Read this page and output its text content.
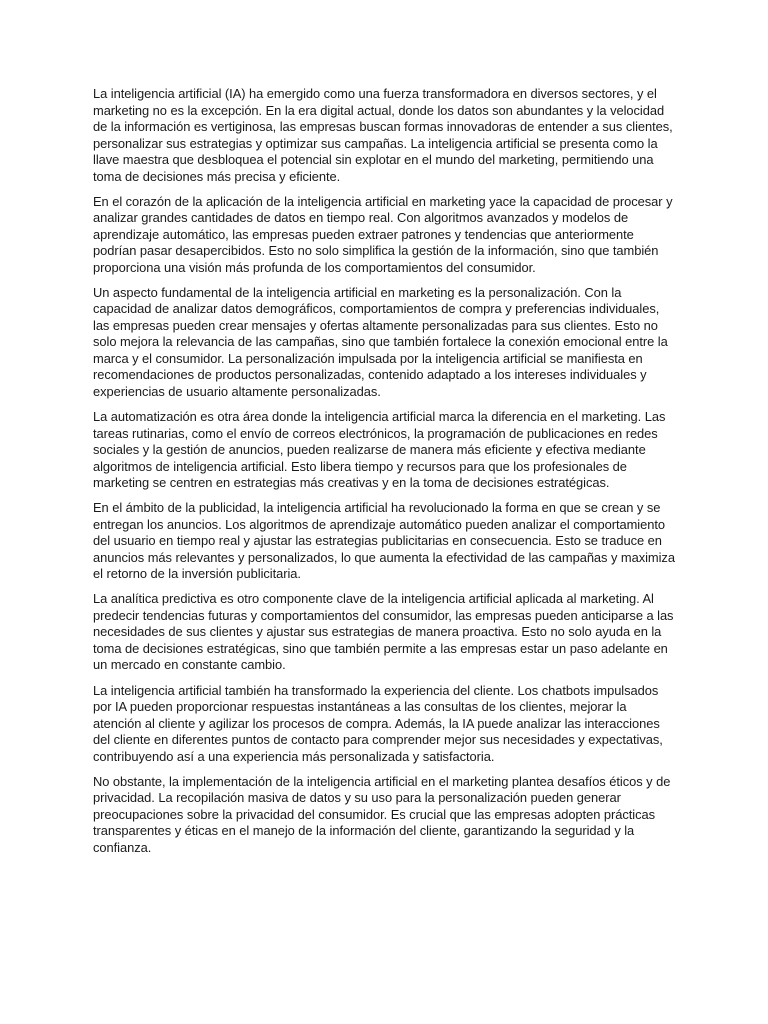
La inteligencia artificial (IA) ha emergido como una fuerza transformadora en diversos sectores, y el marketing no es la excepción. En la era digital actual, donde los datos son abundantes y la velocidad de la información es vertiginosa, las empresas buscan formas innovadoras de entender a sus clientes, personalizar sus estrategias y optimizar sus campañas. La inteligencia artificial se presenta como la llave maestra que desbloquea el potencial sin explotar en el mundo del marketing, permitiendo una toma de decisiones más precisa y eficiente.

En el corazón de la aplicación de la inteligencia artificial en marketing yace la capacidad de procesar y analizar grandes cantidades de datos en tiempo real. Con algoritmos avanzados y modelos de aprendizaje automático, las empresas pueden extraer patrones y tendencias que anteriormente podrían pasar desapercibidos. Esto no solo simplifica la gestión de la información, sino que también proporciona una visión más profunda de los comportamientos del consumidor.

Un aspecto fundamental de la inteligencia artificial en marketing es la personalización. Con la capacidad de analizar datos demográficos, comportamientos de compra y preferencias individuales, las empresas pueden crear mensajes y ofertas altamente personalizadas para sus clientes. Esto no solo mejora la relevancia de las campañas, sino que también fortalece la conexión emocional entre la marca y el consumidor. La personalización impulsada por la inteligencia artificial se manifiesta en recomendaciones de productos personalizadas, contenido adaptado a los intereses individuales y experiencias de usuario altamente personalizadas.

La automatización es otra área donde la inteligencia artificial marca la diferencia en el marketing. Las tareas rutinarias, como el envío de correos electrónicos, la programación de publicaciones en redes sociales y la gestión de anuncios, pueden realizarse de manera más eficiente y efectiva mediante algoritmos de inteligencia artificial. Esto libera tiempo y recursos para que los profesionales de marketing se centren en estrategias más creativas y en la toma de decisiones estratégicas.

En el ámbito de la publicidad, la inteligencia artificial ha revolucionado la forma en que se crean y se entregan los anuncios. Los algoritmos de aprendizaje automático pueden analizar el comportamiento del usuario en tiempo real y ajustar las estrategias publicitarias en consecuencia. Esto se traduce en anuncios más relevantes y personalizados, lo que aumenta la efectividad de las campañas y maximiza el retorno de la inversión publicitaria.

La analítica predictiva es otro componente clave de la inteligencia artificial aplicada al marketing. Al predecir tendencias futuras y comportamientos del consumidor, las empresas pueden anticiparse a las necesidades de sus clientes y ajustar sus estrategias de manera proactiva. Esto no solo ayuda en la toma de decisiones estratégicas, sino que también permite a las empresas estar un paso adelante en un mercado en constante cambio.

La inteligencia artificial también ha transformado la experiencia del cliente. Los chatbots impulsados por IA pueden proporcionar respuestas instantáneas a las consultas de los clientes, mejorar la atención al cliente y agilizar los procesos de compra. Además, la IA puede analizar las interacciones del cliente en diferentes puntos de contacto para comprender mejor sus necesidades y expectativas, contribuyendo así a una experiencia más personalizada y satisfactoria.

No obstante, la implementación de la inteligencia artificial en el marketing plantea desafíos éticos y de privacidad. La recopilación masiva de datos y su uso para la personalización pueden generar preocupaciones sobre la privacidad del consumidor. Es crucial que las empresas adopten prácticas transparentes y éticas en el manejo de la información del cliente, garantizando la seguridad y la confianza.
